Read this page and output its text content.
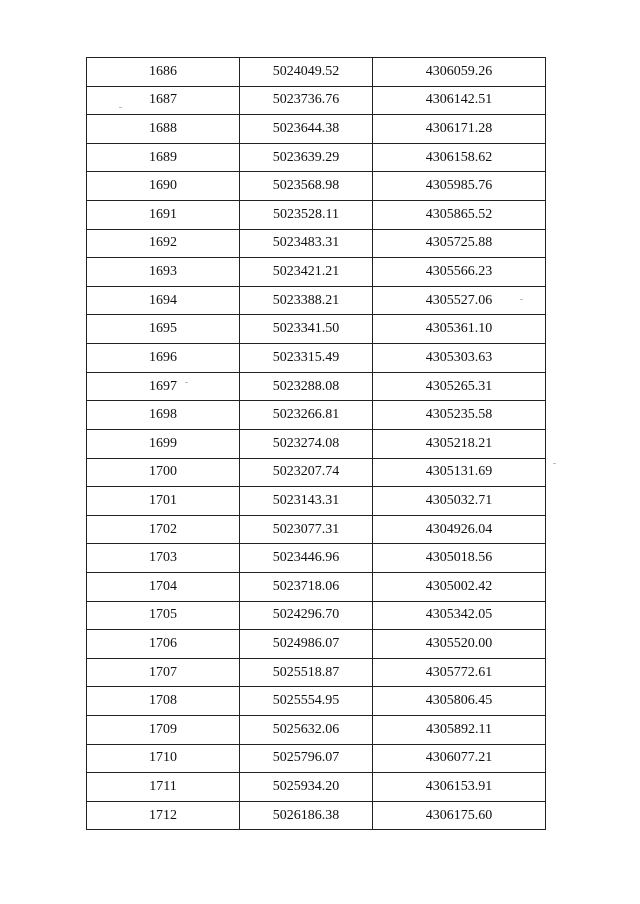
1686	5024049.52	4306059.26
1687	5023736.76	4306142.51
1688	5023644.38	4306171.28
1689	5023639.29	4306158.62
1690	5023568.98	4305985.76
1691	5023528.11	4305865.52
1692	5023483.31	4305725.88
1693	5023421.21	4305566.23
1694	5023388.21	4305527.06
1695	5023341.50	4305361.10
1696	5023315.49	4305303.63
1697	5023288.08	4305265.31
1698	5023266.81	4305235.58
1699	5023274.08	4305218.21
1700	5023207.74	4305131.69
1701	5023143.31	4305032.71
1702	5023077.31	4304926.04
1703	5023446.96	4305018.56
1704	5023718.06	4305002.42
1705	5024296.70	4305342.05
1706	5024986.07	4305520.00
1707	5025518.87	4305772.61
1708	5025554.95	4305806.45
1709	5025632.06	4305892.11
1710	5025796.07	4306077.21
1711	5025934.20	4306153.91
1712	5026186.38	4306175.60
